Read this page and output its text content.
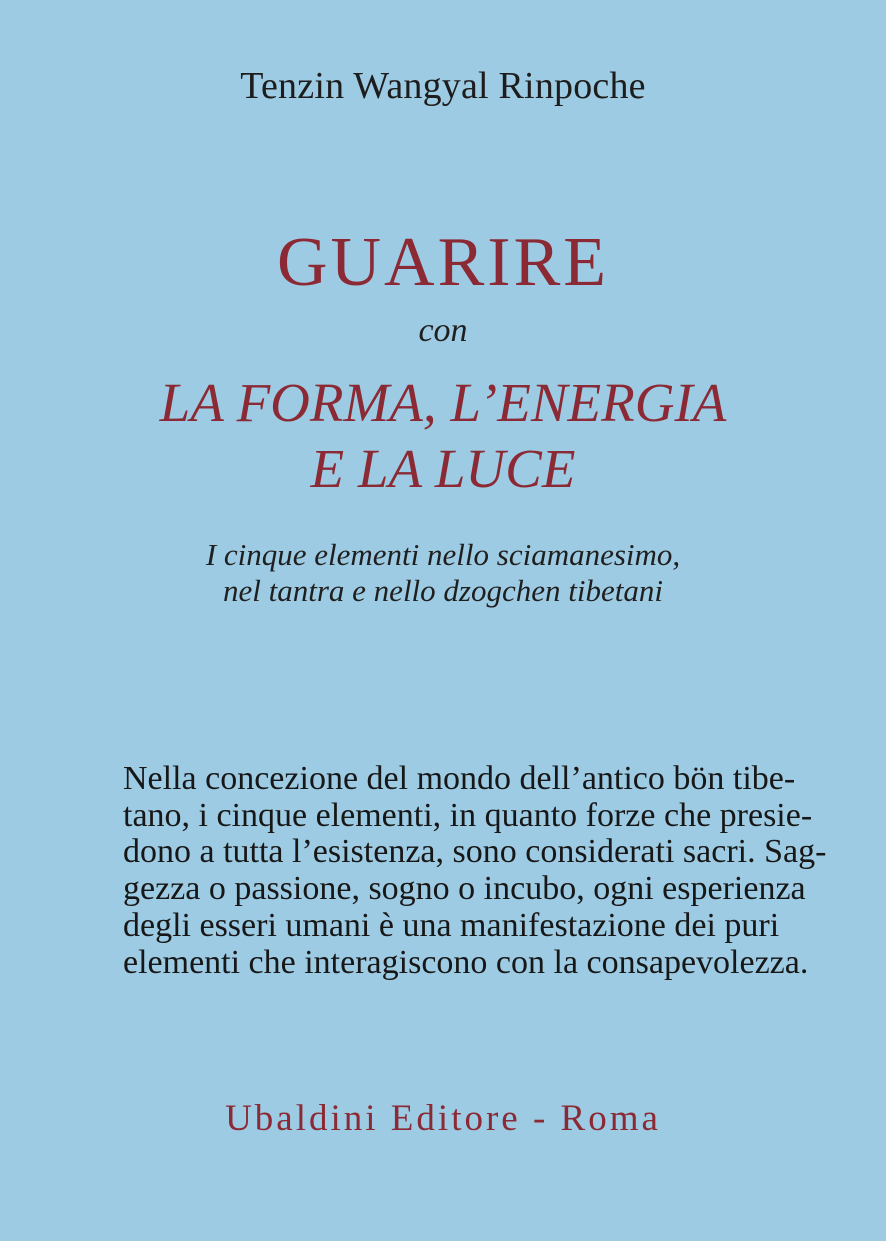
Tenzin Wangyal Rinpoche
GUARIRE
con
LA FORMA, L’ENERGIA
E LA LUCE
I cinque elementi nello sciamanesimo,
nel tantra e nello dzogchen tibetani
Nella concezione del mondo dell’antico bön tibe-
tano, i cinque elementi, in quanto forze che presie-
dono a tutta l’esistenza, sono considerati sacri. Sag-
gezza o passione, sogno o incubo, ogni esperienza
degli esseri umani è una manifestazione dei puri
elementi che interagiscono con la consapevolezza.
Ubaldini Editore - Roma
